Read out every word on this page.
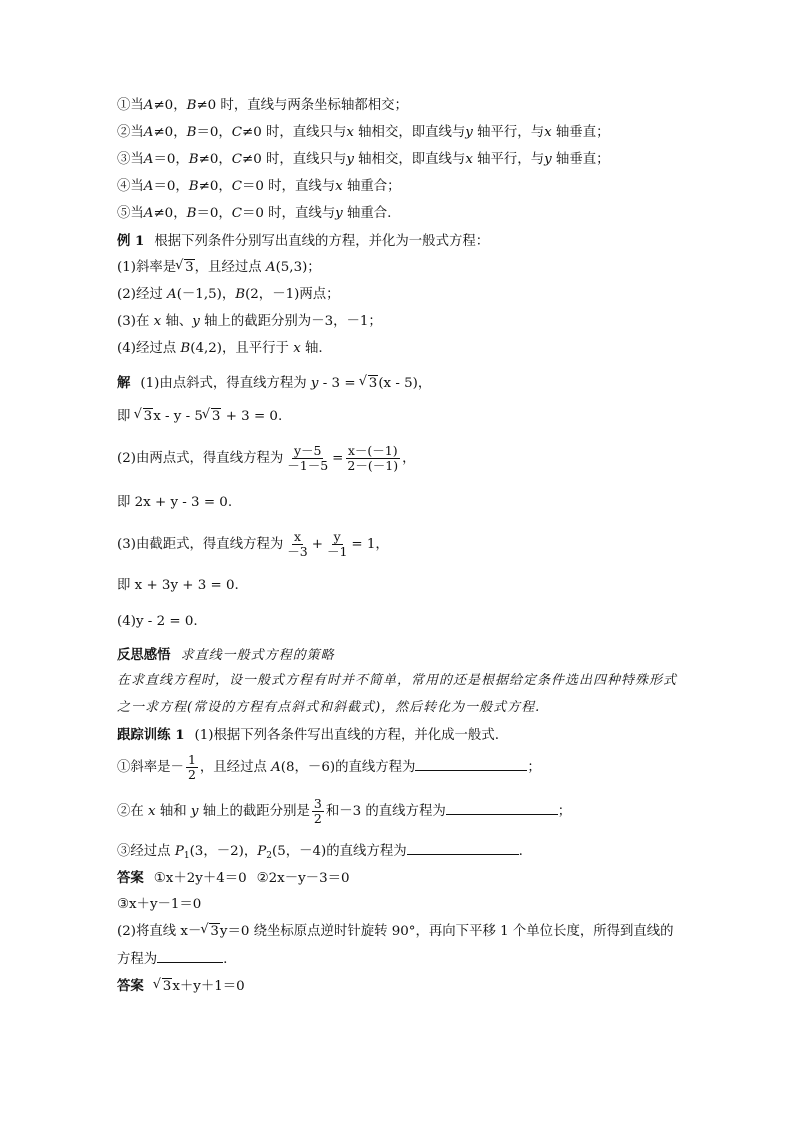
①当A≠0，B≠0 时，直线与两条坐标轴都相交；
②当A≠0，B＝0，C≠0 时，直线只与x 轴相交，即直线与y 轴平行，与x 轴垂直；
③当A＝0，B≠0，C≠0 时，直线只与y 轴相交，即直线与x 轴平行，与y 轴垂直；
④当A＝0，B≠0，C＝0 时，直线与x 轴重合；
⑤当A≠0，B＝0，C＝0 时，直线与y 轴重合.
例 1 根据下列条件分别写出直线的方程，并化为一般式方程：
(1)斜率是 √ 3，且经过点 A(5,3)；
(2)经过 A(－1,5)，B(2，－1)两点；
(3)在 x 轴、y 轴上的截距分别为－3，－1；
(4)经过点 B(4,2)，且平行于 x 轴.
解 (1)由点斜式，得直线方程为 y - 3 = √ 3(x - 5)，
即 √ 3x - y - 5 √ 3 + 3 = 0.
(2)由两点式，得直线方程为 $\frac{y-5}{-1-5} = \frac{x-(-1)}{2-(-1)}$ ，
即 2x + y - 3 = 0.
(3)由截距式，得直线方程为 $\frac{x}{-3} + \frac{y}{-1} = 1$，
即 x + 3y + 3 = 0.
(4)y - 2 = 0.
反思感悟 求直线一般式方程的策略
在求直线方程时，设一般式方程有时并不简单，常用的还是根据给定条件选出四种特殊形式
之一求方程(常设的方程有点斜式和斜截式)，然后转化为一般式方程.
跟踪训练 1 (1)根据下列各条件写出直线的方程，并化成一般式.
①斜率是－ $\frac{1}{2}$ ，且经过点 A(8，－6)的直线方程为	；
②在 x 轴和 y 轴上的截距分别是 $\frac{3}{2}$ 和－3 的直线方程为	；
③经过点 $P_1(3$，－2)，$P_2(5$，－4)的直线方程为	.
答案 ①x＋2y＋4＝0 ②2x－y－3＝0
③x＋y－1＝0
(2)将直线 x－ √ 3y＝0 绕坐标原点逆时针旋转 90°，再向下平移 1 个单位长度，所得到直线的
方程为	.
答案 √ 3x＋y＋1＝0
